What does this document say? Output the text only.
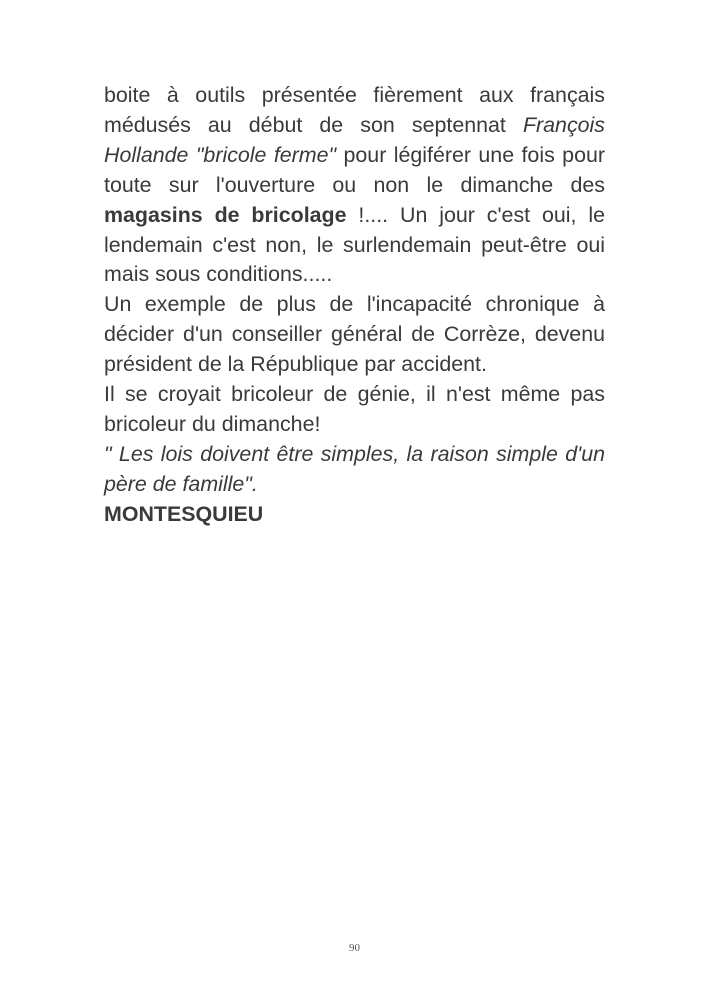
boite à outils présentée fièrement aux français médusés au début de son septennat François Hollande "bricole ferme" pour légiférer une fois pour toute sur l'ouverture ou non le dimanche des magasins de bricolage !.... Un jour c'est oui, le lendemain c'est non, le surlendemain peut-être oui mais sous conditions.....

Un exemple de plus de l'incapacité chronique à décider d'un conseiller général de Corrèze, devenu président de la République par accident.

Il se croyait bricoleur de génie, il n'est même pas bricoleur du dimanche!

" Les lois doivent être simples, la raison simple d'un père de famille".

MONTESQUIEU

90
